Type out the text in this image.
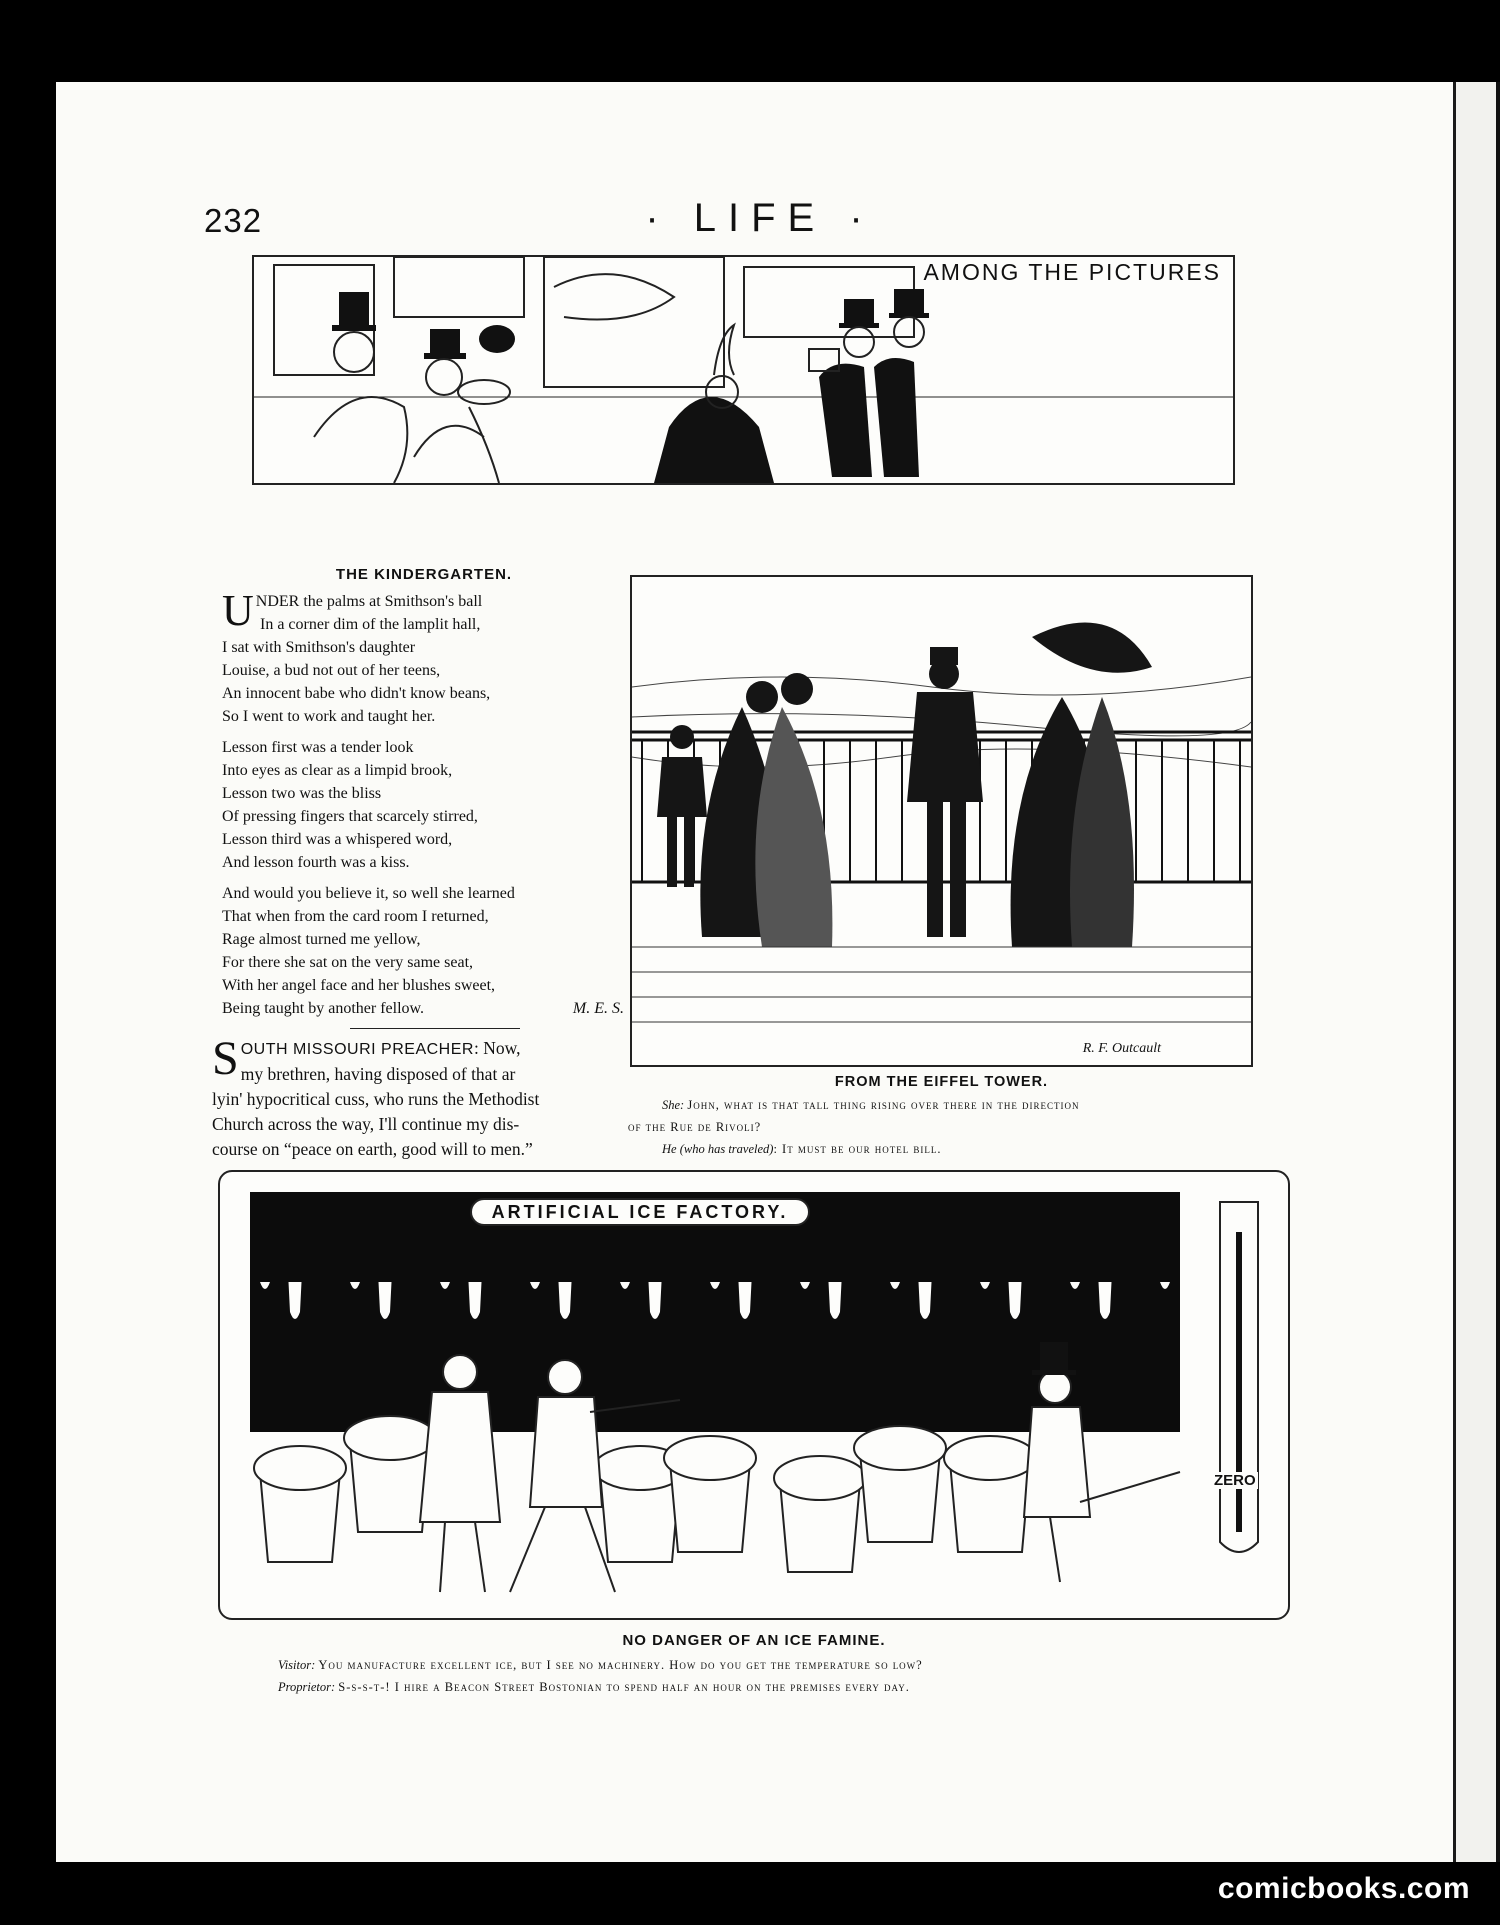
232	· LIFE ·
AMONG THE PICTURES
THE KINDERGARTEN.
U NDER the palms at Smithson's ball
In a corner dim of the lamplit hall,
I sat with Smithson's daughter
Louise, a bud not out of her teens,
An innocent babe who didn't know beans,
So I went to work and taught her.
Lesson first was a tender look
Into eyes as clear as a limpid brook,
Lesson two was the bliss
Of pressing fingers that scarcely stirred,
Lesson third was a whispered word,
And lesson fourth was a kiss.
And would you believe it, so well she learned
That when from the card room I returned,
Rage almost turned me yellow,
For there she sat on the very same seat,
With her angel face and her blushes sweet,
Being taught by another fellow.	M. E. S.
S OUTH MISSOURI PREACHER: Now,
my brethren, having disposed of that ar
lyin' hypocritical cuss, who runs the Methodist
Church across the way, I'll continue my dis-
course on “peace on earth, good will to men.”
R. F. Outcault
FROM THE EIFFEL TOWER.
She: John, what is that tall thing rising over there in the direction
of the Rue de Rivoli?
He (who has traveled): It must be our hotel bill.
ARTIFICIAL ICE FACTORY.
ZERO
NO DANGER OF AN ICE FAMINE.
Visitor: You manufacture excellent ice, but I see no machinery. How do you get the temperature so low?
Proprietor: S-s-s-t-! I hire a Beacon Street Bostonian to spend half an hour on the premises every day.
comicbooks.com
